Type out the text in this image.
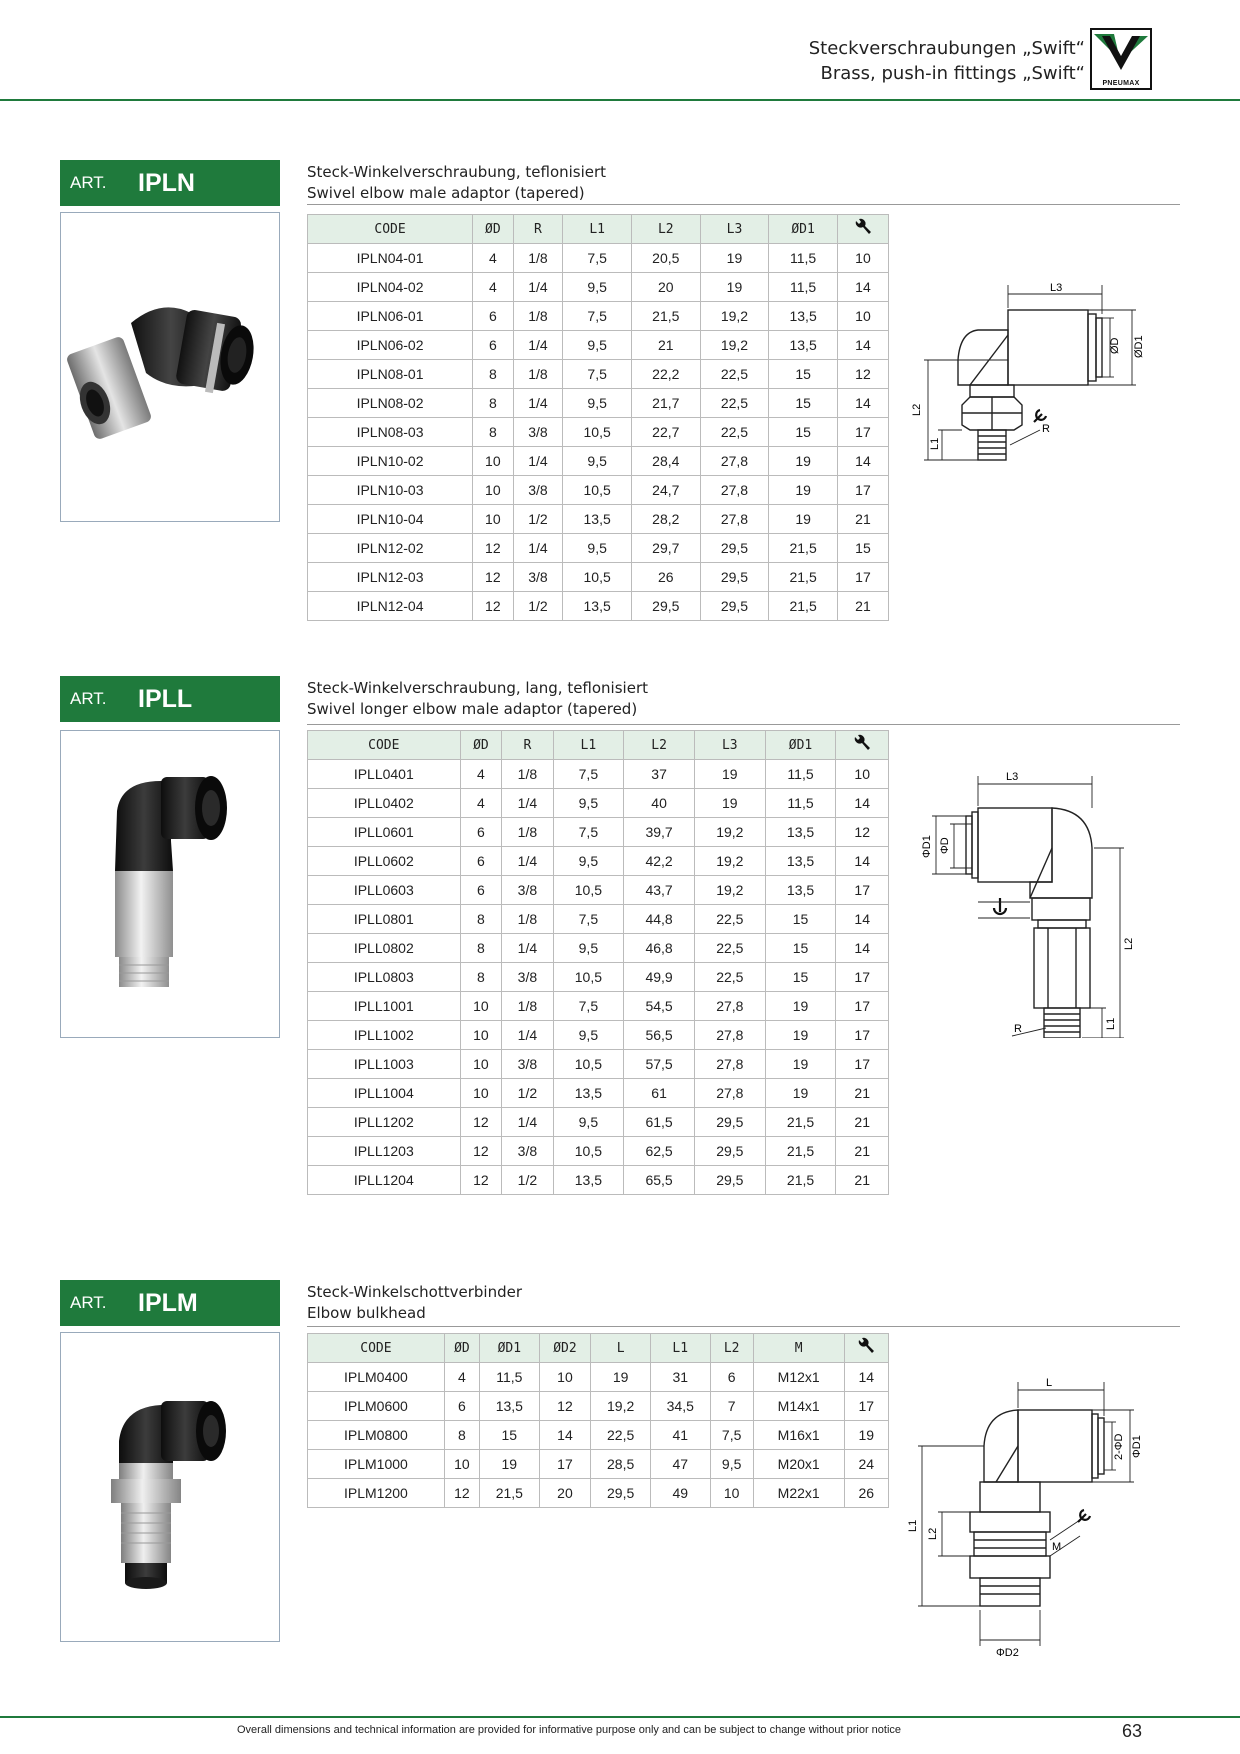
Steckverschraubungen „Swift“
Brass, push-in fittings „Swift“	PNEUMAX
ART. IPLN	Steck-Winkelverschraubung, teflonisiert
Swivel elbow male adaptor (tapered)
CODE	ØD	R	L1	L2	L3	ØD1	
IPLN04-01	4	1/8	7,5	20,5	19	11,5	10
IPLN04-02	4	1/4	9,5	20	19	11,5	14
IPLN06-01	6	1/8	7,5	21,5	19,2	13,5	10
IPLN06-02	6	1/4	9,5	21	19,2	13,5	14
IPLN08-01	8	1/8	7,5	22,2	22,5	15	12
IPLN08-02	8	1/4	9,5	21,7	22,5	15	14
IPLN08-03	8	3/8	10,5	22,7	22,5	15	17
IPLN10-02	10	1/4	9,5	28,4	27,8	19	14
IPLN10-03	10	3/8	10,5	24,7	27,8	19	17
IPLN10-04	10	1/2	13,5	28,2	27,8	19	21
IPLN12-02	12	1/4	9,5	29,7	29,5	21,5	15
IPLN12-03	12	3/8	10,5	26	29,5	21,5	17
IPLN12-04	12	1/2	13,5	29,5	29,5	21,5	21
L3
ØD ØD1
L2
L1
R
ART. IPLL	Steck-Winkelverschraubung, lang, teflonisiert
Swivel longer elbow male adaptor (tapered)
CODE	ØD	R	L1	L2	L3	ØD1	
IPLL0401	4	1/8	7,5	37	19	11,5	10
IPLL0402	4	1/4	9,5	40	19	11,5	14
IPLL0601	6	1/8	7,5	39,7	19,2	13,5	12
IPLL0602	6	1/4	9,5	42,2	19,2	13,5	14
IPLL0603	6	3/8	10,5	43,7	19,2	13,5	17
IPLL0801	8	1/8	7,5	44,8	22,5	15	14
IPLL0802	8	1/4	9,5	46,8	22,5	15	14
IPLL0803	8	3/8	10,5	49,9	22,5	15	17
IPLL1001	10	1/8	7,5	54,5	27,8	19	17
IPLL1002	10	1/4	9,5	56,5	27,8	19	17
IPLL1003	10	3/8	10,5	57,5	27,8	19	17
IPLL1004	10	1/2	13,5	61	27,8	19	21
IPLL1202	12	1/4	9,5	61,5	29,5	21,5	21
IPLL1203	12	3/8	10,5	62,5	29,5	21,5	21
IPLL1204	12	1/2	13,5	65,5	29,5	21,5	21
L3
ΦD1 ΦD
L2
L1
R
ART. IPLM	Steck-Winkelschottverbinder
Elbow bulkhead
CODE	ØD	ØD1	ØD2	L	L1	L2	M	
IPLM0400	4	11,5	10	19	31	6	M12x1	14
IPLM0600	6	13,5	12	19,2	34,5	7	M14x1	17
IPLM0800	8	15	14	22,5	41	7,5	M16x1	19
IPLM1000	10	19	17	28,5	47	9,5	M20x1	24
IPLM1200	12	21,5	20	29,5	49	10	M22x1	26
L
2-ΦD ΦD1
L1
L2
M
ΦD2
Overall dimensions and technical information are provided for informative purpose only and can be subject to change without prior notice	63
